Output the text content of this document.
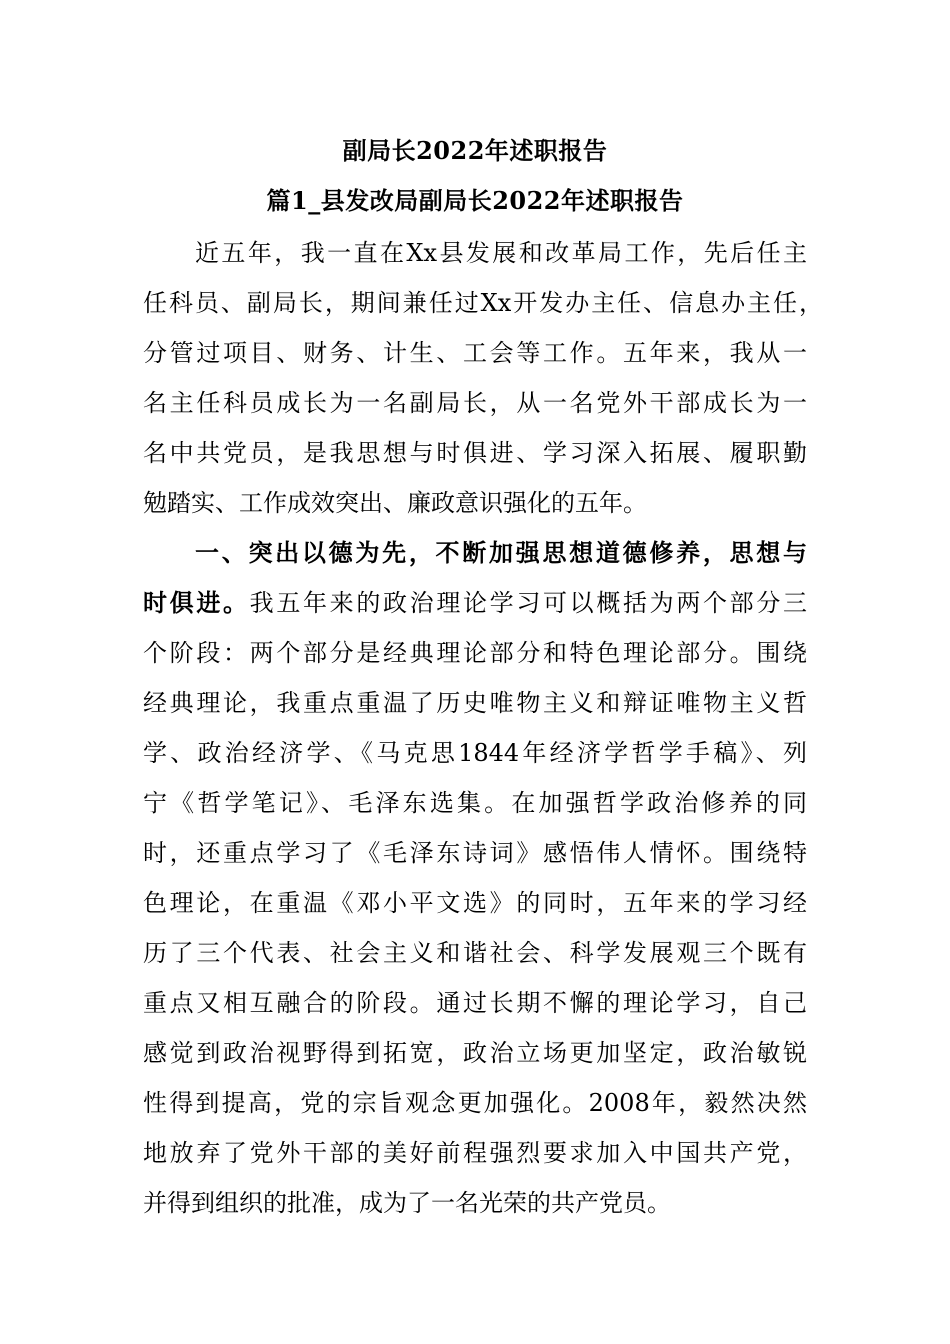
副局长2022年述职报告
篇1_县发改局副局长2022年述职报告
近五年，我一直在Xx县发展和改革局工作，先后任主
任科员、副局长，期间兼任过Xx开发办主任、信息办主任，
分管过项目、财务、计生、工会等工作。五年来，我从一
名主任科员成长为一名副局长，从一名党外干部成长为一
名中共党员，是我思想与时俱进、学习深入拓展、履职勤
勉踏实、工作成效突出、廉政意识强化的五年。
一、突出以德为先，不断加强思想道德修养，思想与
时俱进。我五年来的政治理论学习可以概括为两个部分三
个阶段：两个部分是经典理论部分和特色理论部分。围绕
经典理论，我重点重温了历史唯物主义和辩证唯物主义哲
学、政治经济学、《马克思1844年经济学哲学手稿》、列
宁《哲学笔记》、毛泽东选集。在加强哲学政治修养的同
时，还重点学习了《毛泽东诗词》感悟伟人情怀。围绕特
色理论，在重温《邓小平文选》的同时，五年来的学习经
历了三个代表、社会主义和谐社会、科学发展观三个既有
重点又相互融合的阶段。通过长期不懈的理论学习，自己
感觉到政治视野得到拓宽，政治立场更加坚定，政治敏锐
性得到提高，党的宗旨观念更加强化。2008年，毅然决然
地放弃了党外干部的美好前程强烈要求加入中国共产党，
并得到组织的批准，成为了一名光荣的共产党员。
